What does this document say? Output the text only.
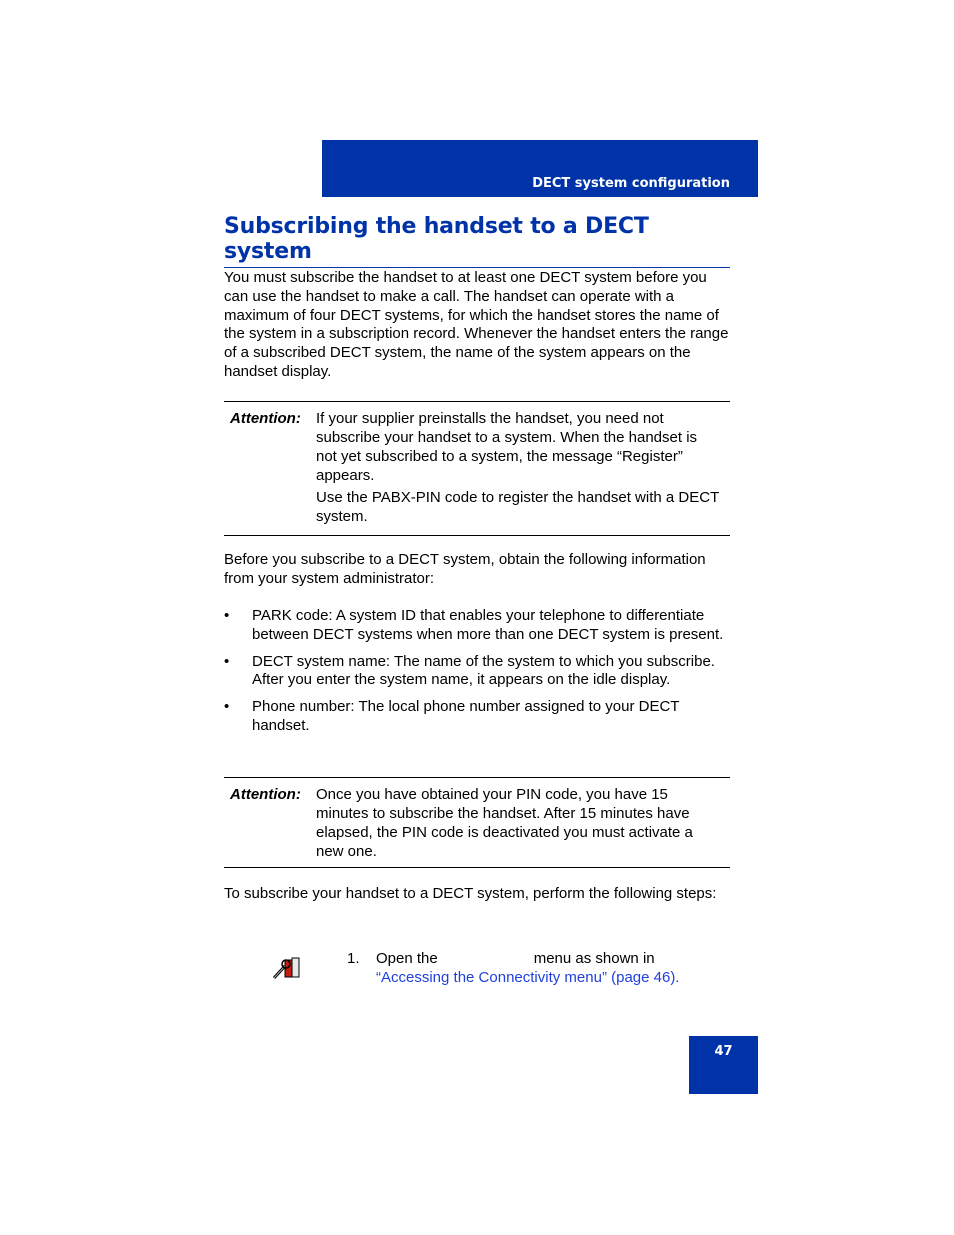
DECT system configuration
Subscribing the handset to a DECT system

You must subscribe the handset to at least one DECT system before you can use the handset to make a call. The handset can operate with a maximum of four DECT systems, for which the handset stores the name of the system in a subscription record. Whenever the handset enters the range of a subscribed DECT system, the name of the system appears on the handset display.

Attention: If your supplier preinstalls the handset, you need not subscribe your handset to a system. When the handset is not yet subscribed to a system, the message “Register” appears.

Use the PABX-PIN code to register the handset with a DECT system.

Before you subscribe to a DECT system, obtain the following information from your system administrator:

• PARK code: A system ID that enables your telephone to differentiate between DECT systems when more than one DECT system is present.
• DECT system name: The name of the system to which you subscribe. After you enter the system name, it appears on the idle display.
• Phone number: The local phone number assigned to your DECT handset.
Attention: Once you have obtained your PIN code, you have 15 minutes to subscribe the handset. After 15 minutes have elapsed, the PIN code is deactivated you must activate a new one.

To subscribe your handset to a DECT system, perform the following steps:

1. Open the	menu as shown in
“Accessing the Connectivity menu” (page 46).
47
